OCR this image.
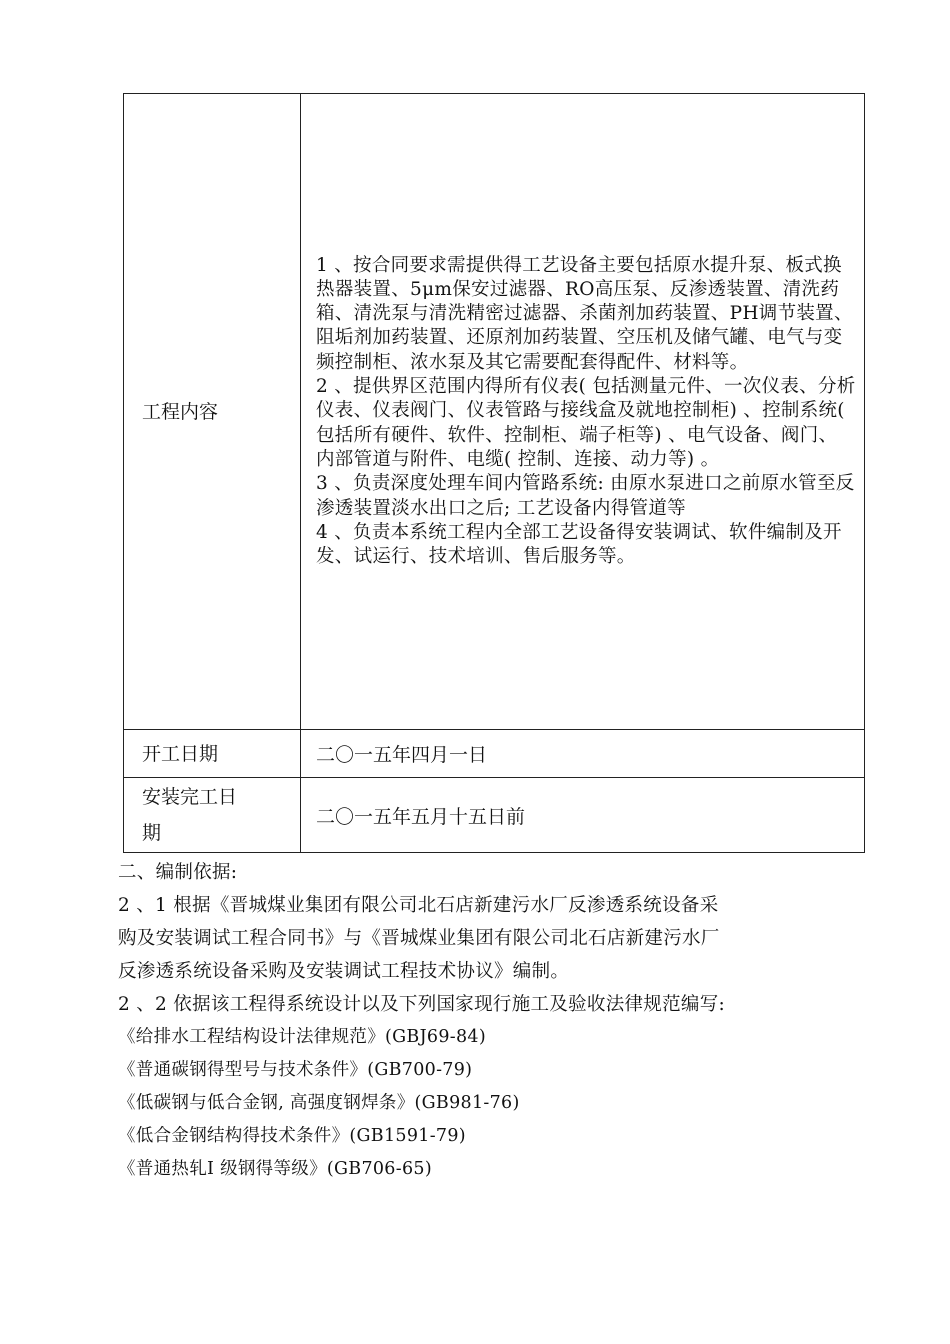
工程内容	1 、按合同要求需提供得工艺设备主要包括原水提升泵、板式换热器装置、5μm保安过滤器、RO高压泵、反渗透装置、清洗药箱、清洗泵与清洗精密过滤器、杀菌剂加药装置、PH调节装置、阻垢剂加药装置、还原剂加药装置、空压机及储气罐、电气与变频控制柜、浓水泵及其它需要配套得配件、材料等。

2 、提供界区范围内得所有仪表( 包括测量元件、一次仪表、分析仪表、仪表阀门、仪表管路与接线盒及就地控制柜) 、控制系统( 包括所有硬件、软件、控制柜、端子柜等) 、电气设备、阀门、内部管道与附件、电缆( 控制、连接、动力等) 。

3 、负责深度处理车间内管路系统: 由原水泵进口之前原水管至反渗透装置淡水出口之后; 工艺设备内得管道等

4 、负责本系统工程内全部工艺设备得安装调试、软件编制及开发、试运行、技术培训、售后服务等。

开工日期	二〇一五年四月一日

安装完工日
期	二〇一五年五月十五日前

二、编制依据:

2 、1 根据《晋城煤业集团有限公司北石店新建污水厂反渗透系统设备采

购及安装调试工程合同书》与《晋城煤业集团有限公司北石店新建污水厂

反渗透系统设备采购及安装调试工程技术协议》编制。

2 、2 依据该工程得系统设计以及下列国家现行施工及验收法律规范编写:

《给排水工程结构设计法律规范》(GBJ69-84)

《普通碳钢得型号与技术条件》(GB700-79)

《低碳钢与低合金钢, 高强度钢焊条》(GB981-76)

《低合金钢结构得技术条件》(GB1591-79)

《普通热轧I 级钢得等级》(GB706-65)
